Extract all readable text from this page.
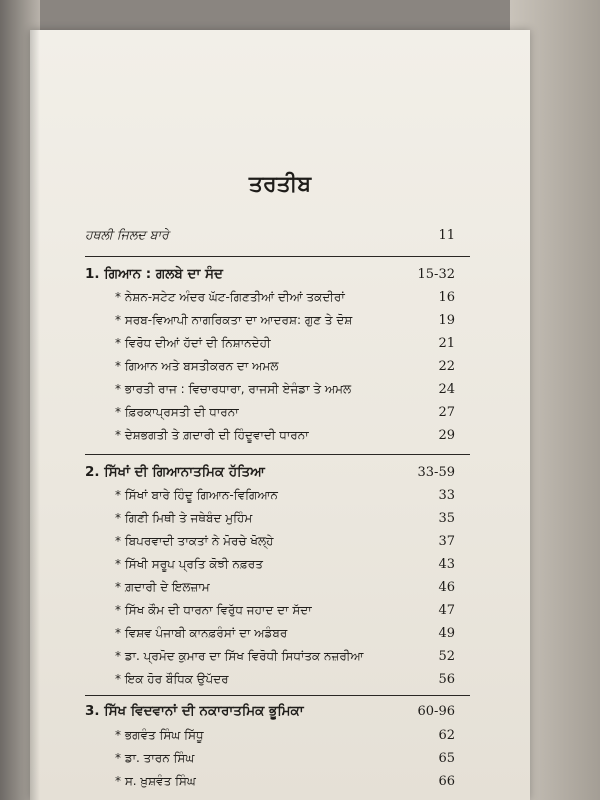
ਤਰਤੀਬ
ਹਥਲੀ ਜਿਲਦ ਬਾਰੇ	11
1. ਗਿਆਨ : ਗਲਬੇ ਦਾ ਸੰਦ	15-32
* ਨੇਸ਼ਨ-ਸਟੇਟ ਅੰਦਰ ਘੱਟ-ਗਿਣਤੀਆਂ ਦੀਆਂ ਤਕਦੀਰਾਂ	16
* ਸਰਬ-ਵਿਆਪੀ ਨਾਗਰਿਕਤਾ ਦਾ ਆਦਰਸ਼: ਗੁਣ ਤੇ ਦੋਸ਼	19
* ਵਿਰੋਧ ਦੀਆਂ ਹੱਦਾਂ ਦੀ ਨਿਸ਼ਾਨਦੇਹੀ	21
* ਗਿਆਨ ਅਤੇ ਬਸਤੀਕਰਨ ਦਾ ਅਮਲ	22
* ਭਾਰਤੀ ਰਾਜ : ਵਿਚਾਰਧਾਰਾ, ਰਾਜਸੀ ਏਜੰਡਾ ਤੇ ਅਮਲ	24
* ਫ਼ਿਰਕਾਪ੍ਰਸਤੀ ਦੀ ਧਾਰਨਾ	27
* ਦੇਸ਼ਭਗਤੀ ਤੇ ਗ਼ਦਾਰੀ ਦੀ ਹਿੰਦੂਵਾਦੀ ਧਾਰਨਾ	29
2. ਸਿੱਖਾਂ ਦੀ ਗਿਆਨਾਤਮਿਕ ਹੱਤਿਆ	33-59
* ਸਿੱਖਾਂ ਬਾਰੇ ਹਿੰਦੂ ਗਿਆਨ-ਵਿਗਿਆਨ	33
* ਗਿਣੀ ਮਿਥੀ ਤੇ ਜਥੇਬੰਦ ਮੁਹਿੰਮ	35
* ਬਿਪਰਵਾਦੀ ਤਾਕਤਾਂ ਨੇ ਮੋਰਚੇ ਖੋਲ੍ਹੇ	37
* ਸਿੱਖੀ ਸਰੂਪ ਪ੍ਰਤਿ ਕੋਝੀ ਨਫ਼ਰਤ	43
* ਗ਼ਦਾਰੀ ਦੇ ਇਲਜ਼ਾਮ	46
* ਸਿੱਖ ਕੌਮ ਦੀ ਧਾਰਨਾ ਵਿਰੁੱਧ ਜਹਾਦ ਦਾ ਸੱਦਾ	47
* ਵਿਸ਼ਵ ਪੰਜਾਬੀ ਕਾਨਫ਼ਰੰਸਾਂ ਦਾ ਅਡੰਬਰ	49
* ਡਾ. ਪ੍ਰਮੋਦ ਕੁਮਾਰ ਦਾ ਸਿੱਖ ਵਿਰੋਧੀ ਸਿਧਾਂਤਕ ਨਜ਼ਰੀਆ	52
* ਇਕ ਹੋਰ ਬੌਧਿਕ ਉਪੱਦਰ	56
3. ਸਿੱਖ ਵਿਦਵਾਨਾਂ ਦੀ ਨਕਾਰਾਤਮਿਕ ਭੂਮਿਕਾ	60-96
* ਭਗਵੰਤ ਸਿੰਘ ਸਿੱਧੂ	62
* ਡਾ. ਤਾਰਨ ਸਿੰਘ	65
* ਸ. ਖ਼ੁਸ਼ਵੰਤ ਸਿੰਘ	66
